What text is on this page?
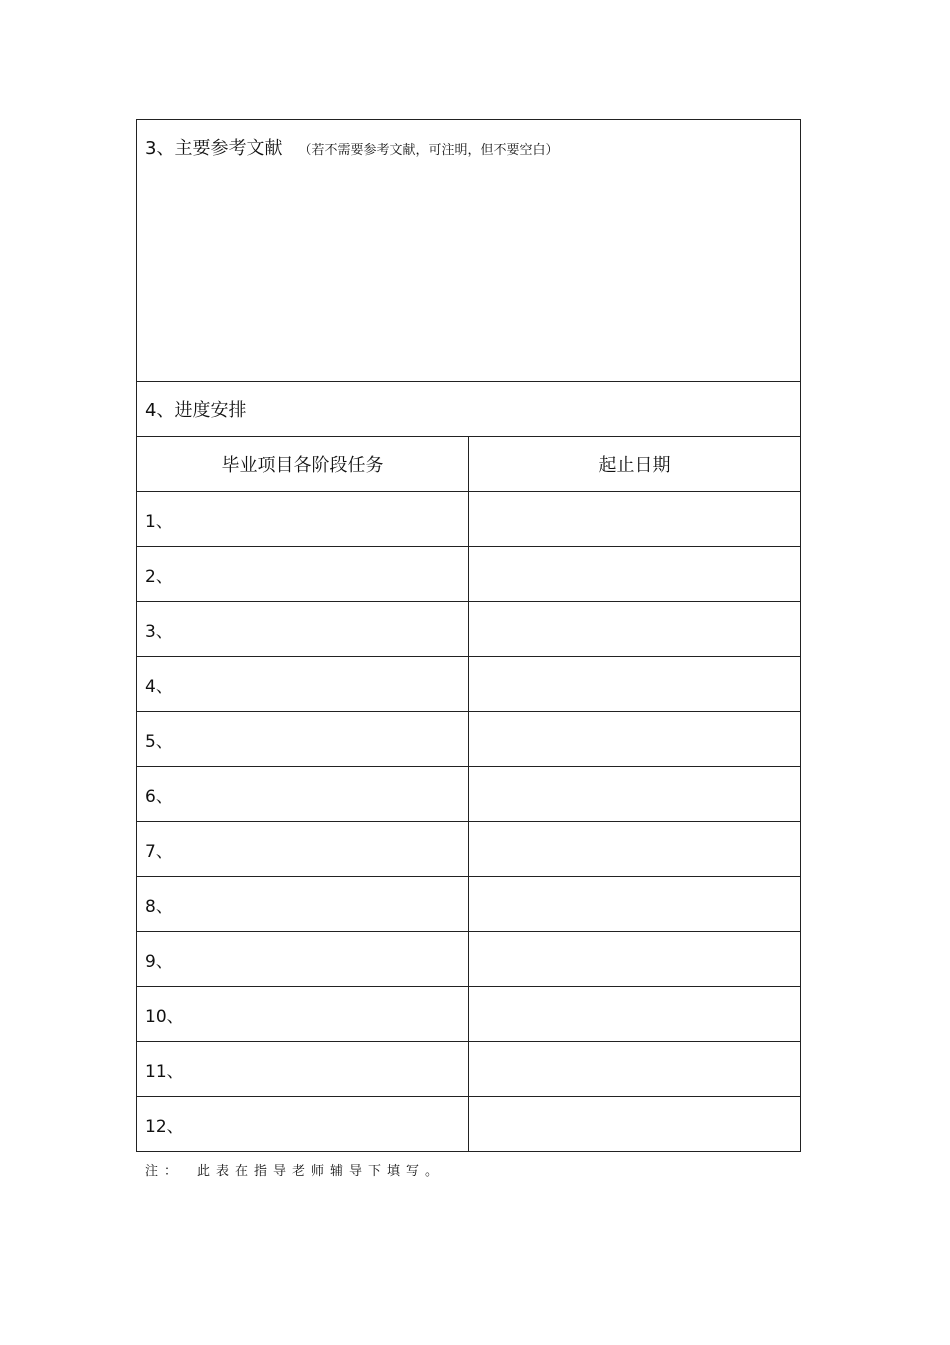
3、主要参考文献 （若不需要参考文献，可注明，但不要空白）	
4、进度安排	
毕业项目各阶段任务	起止日期
1、	
2、	
3、	
4、	
5、	
6、	
7、	
8、	
9、	
10、	
11、	
12、	
注： 此表在指导老师辅导下填写。
